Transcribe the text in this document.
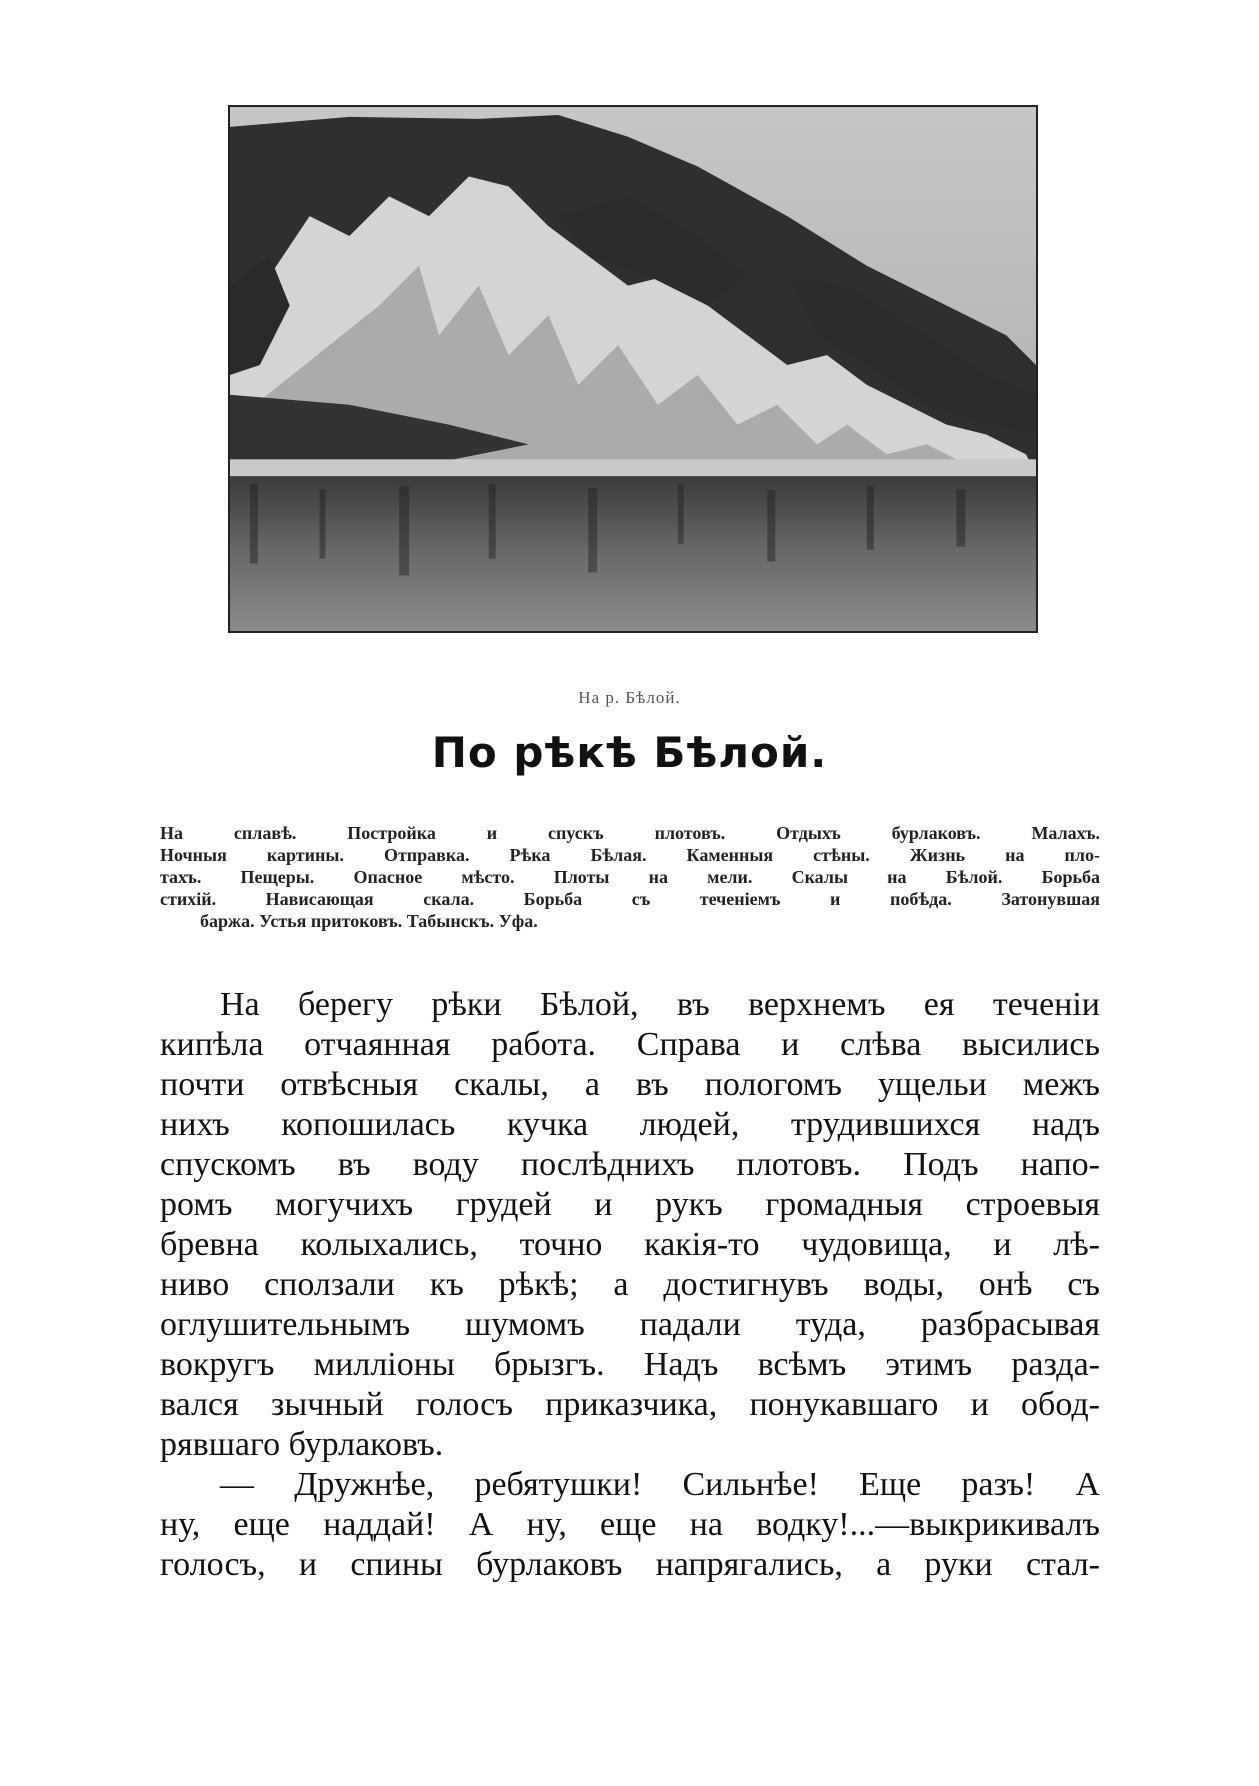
На р. Бѣлой.
По рѣкѣ Бѣлой.
На сплавѣ. Постройка и спускъ плотовъ. Отдыхъ бурлаковъ. Малахъ.
Ночныя картины. Отправка. Рѣка Бѣлая. Каменныя стѣны. Жизнь на пло-
тахъ. Пещеры. Опасное мѣсто. Плоты на мели. Скалы на Бѣлой. Борьба
стихій. Нависающая скала. Борьба съ теченіемъ и побѣда. Затонувшая
баржа. Устья притоковъ. Табынскъ. Уфа.
На берегу рѣки Бѣлой, въ верхнемъ ея теченіи
кипѣла отчаянная работа. Справа и слѣва высились
почти отвѣсныя скалы, а въ пологомъ ущельи межъ
нихъ копошилась кучка людей, трудившихся надъ
спускомъ въ воду послѣднихъ плотовъ. Подъ напо-
ромъ могучихъ грудей и рукъ громадныя строевыя
бревна колыхались, точно какія-то чудовища, и лѣ-
ниво сползали къ рѣкѣ; а достигнувъ воды, онѣ съ
оглушительнымъ шумомъ падали туда, разбрасывая
вокругъ милліоны брызгъ. Надъ всѣмъ этимъ разда-
вался зычный голосъ приказчика, понукавшаго и обод-
рявшаго бурлаковъ.
— Дружнѣе, ребятушки! Сильнѣе! Еще разъ! А
ну, еще наддай! А ну, еще на водку!...—выкрикивалъ
голосъ, и спины бурлаковъ напрягались, а руки стал-
